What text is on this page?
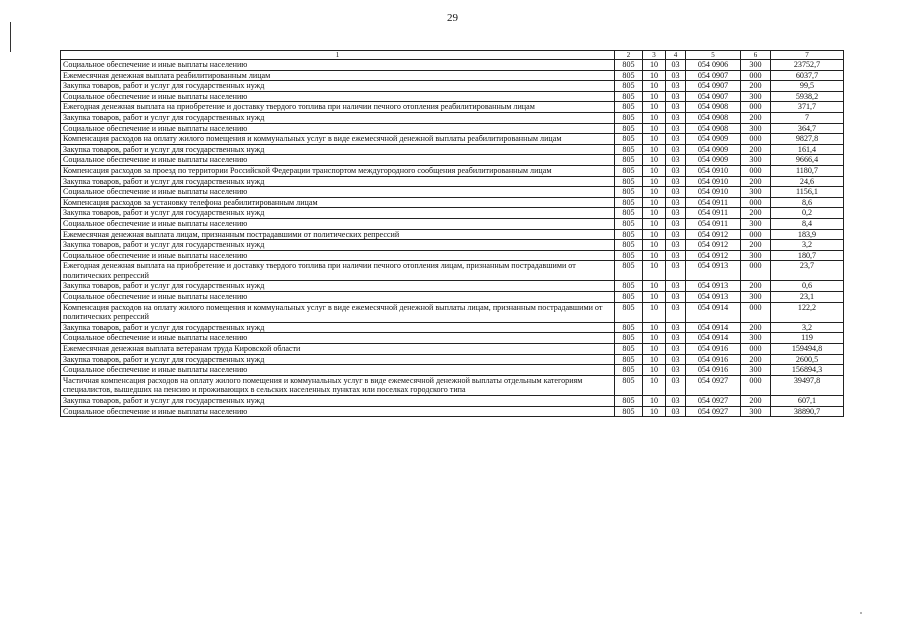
29
1	2	3	4	5	6	7
Социальное обеспечение и иные выплаты населению	805	10	03	054 0906	300	23752,7
Ежемесячная денежная выплата реабилитированным лицам	805	10	03	054 0907	000	6037,7
Закупка товаров, работ и услуг для государственных нужд	805	10	03	054 0907	200	99,5
Социальное обеспечение и иные выплаты населению	805	10	03	054 0907	300	5938,2
Ежегодная денежная выплата на приобретение и доставку твердого топлива при наличии печного отопления реабилитированным лицам	805	10	03	054 0908	000	371,7
Закупка товаров, работ и услуг для государственных нужд	805	10	03	054 0908	200	7
Социальное обеспечение и иные выплаты населению	805	10	03	054 0908	300	364,7
Компенсация расходов на оплату жилого помещения и коммунальных услуг в виде ежемесячной денежной выплаты реабилитированным лицам	805	10	03	054 0909	000	9827,8
Закупка товаров, работ и услуг для государственных нужд	805	10	03	054 0909	200	161,4
Социальное обеспечение и иные выплаты населению	805	10	03	054 0909	300	9666,4
Компенсация расходов за проезд по территории Российской Федерации транспортом междугородного сообщения реабилитированным лицам	805	10	03	054 0910	000	1180,7
Закупка товаров, работ и услуг для государственных нужд	805	10	03	054 0910	200	24,6
Социальное обеспечение и иные выплаты населению	805	10	03	054 0910	300	1156,1
Компенсация расходов за установку телефона реабилитированным лицам	805	10	03	054 0911	000	8,6
Закупка товаров, работ и услуг для государственных нужд	805	10	03	054 0911	200	0,2
Социальное обеспечение и иные выплаты населению	805	10	03	054 0911	300	8,4
Ежемесячная денежная выплата лицам, признанным пострадавшими от политических репрессий	805	10	03	054 0912	000	183,9
Закупка товаров, работ и услуг для государственных нужд	805	10	03	054 0912	200	3,2
Социальное обеспечение и иные выплаты населению	805	10	03	054 0912	300	180,7
Ежегодная денежная выплата на приобретение и доставку твердого топлива при наличии печного отопления лицам, признанным пострадавшими от политических репрессий	805	10	03	054 0913	000	23,7
Закупка товаров, работ и услуг для государственных нужд	805	10	03	054 0913	200	0,6
Социальное обеспечение и иные выплаты населению	805	10	03	054 0913	300	23,1
Компенсация расходов на оплату жилого помещения и коммунальных услуг в виде ежемесячной денежной выплаты лицам, признанным пострадавшими от политических репрессий	805	10	03	054 0914	000	122,2
Закупка товаров, работ и услуг для государственных нужд	805	10	03	054 0914	200	3,2
Социальное обеспечение и иные выплаты населению	805	10	03	054 0914	300	119
Ежемесячная денежная выплата ветеранам труда Кировской области	805	10	03	054 0916	000	159494,8
Закупка товаров, работ и услуг для государственных нужд	805	10	03	054 0916	200	2600,5
Социальное обеспечение и иные выплаты населению	805	10	03	054 0916	300	156894,3
Частичная компенсация расходов на оплату жилого помещения и коммунальных услуг в виде ежемесячной денежной выплаты отдельным категориям специалистов, вышедших на пенсию и проживающих в сельских населенных пунктах или поселках городского типа	805	10	03	054 0927	000	39497,8
Закупка товаров, работ и услуг для государственных нужд	805	10	03	054 0927	200	607,1
Социальное обеспечение и иные выплаты населению	805	10	03	054 0927	300	38890,7
